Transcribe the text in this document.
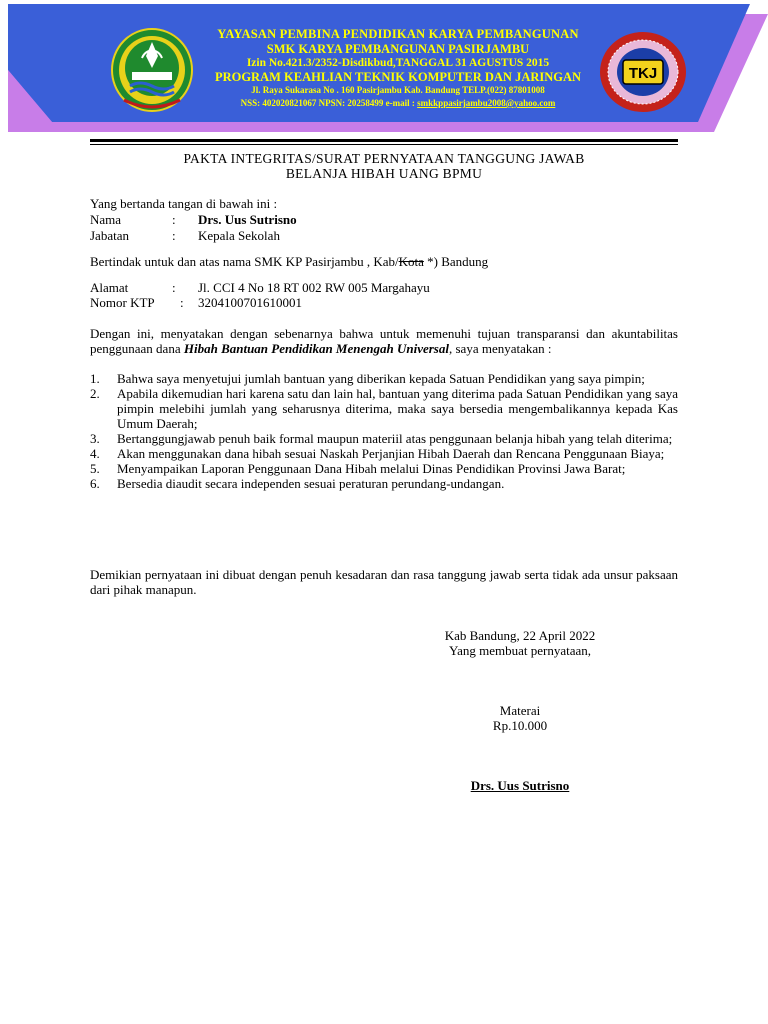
TKJ
YAYASAN PEMBINA PENDIDIKAN KARYA PEMBANGUNAN
SMK KARYA PEMBANGUNAN PASIRJAMBU
Izin No.421.3/2352-Disdikbud,TANGGAL 31 AGUSTUS 2015
PROGRAM KEAHLIAN TEKNIK KOMPUTER DAN JARINGAN
Jl. Raya Sukarasa No . 160 Pasirjambu Kab. Bandung TELP.(022) 87801008
NSS: 402020821067 NPSN: 20258499 e-mail : smkkppasirjambu2008@yahoo.com
PAKTA INTEGRITAS/SURAT PERNYATAAN TANGGUNG JAWAB
BELANJA HIBAH UANG BPMU
Yang bertanda tangan di bawah ini :
Nama	: Drs. Uus Sutrisno
Jabatan	: Kepala Sekolah
Bertindak untuk dan atas nama SMK KP Pasirjambu , Kab/Kota *) Bandung
Alamat	: Jl. CCI 4 No 18 RT 002 RW 005 Margahayu
Nomor KTP : 3204100701610001
Dengan ini, menyatakan dengan sebenarnya bahwa untuk memenuhi tujuan transparansi dan akuntabilitas penggunaan dana Hibah Bantuan Pendidikan Menengah Universal, saya menyatakan :
1. Bahwa saya menyetujui jumlah bantuan yang diberikan kepada Satuan Pendidikan yang saya pimpin;
2. Apabila dikemudian hari karena satu dan lain hal, bantuan yang diterima pada Satuan Pendidikan yang saya pimpin melebihi jumlah yang seharusnya diterima, maka saya bersedia mengembalikannya kepada Kas Umum Daerah;
3. Bertanggungjawab penuh baik formal maupun materiil atas penggunaan belanja hibah yang telah diterima;
4. Akan menggunakan dana hibah sesuai Naskah Perjanjian Hibah Daerah dan Rencana Penggunaan Biaya;
5. Menyampaikan Laporan Penggunaan Dana Hibah melalui Dinas Pendidikan Provinsi Jawa Barat;
6. Bersedia diaudit secara independen sesuai peraturan perundang-undangan.
Demikian pernyataan ini dibuat dengan penuh kesadaran dan rasa tanggung jawab serta tidak ada unsur paksaan dari pihak manapun.
Kab Bandung, 22 April 2022
Yang membuat pernyataan,
Materai
Rp.10.000
Drs. Uus Sutrisno
